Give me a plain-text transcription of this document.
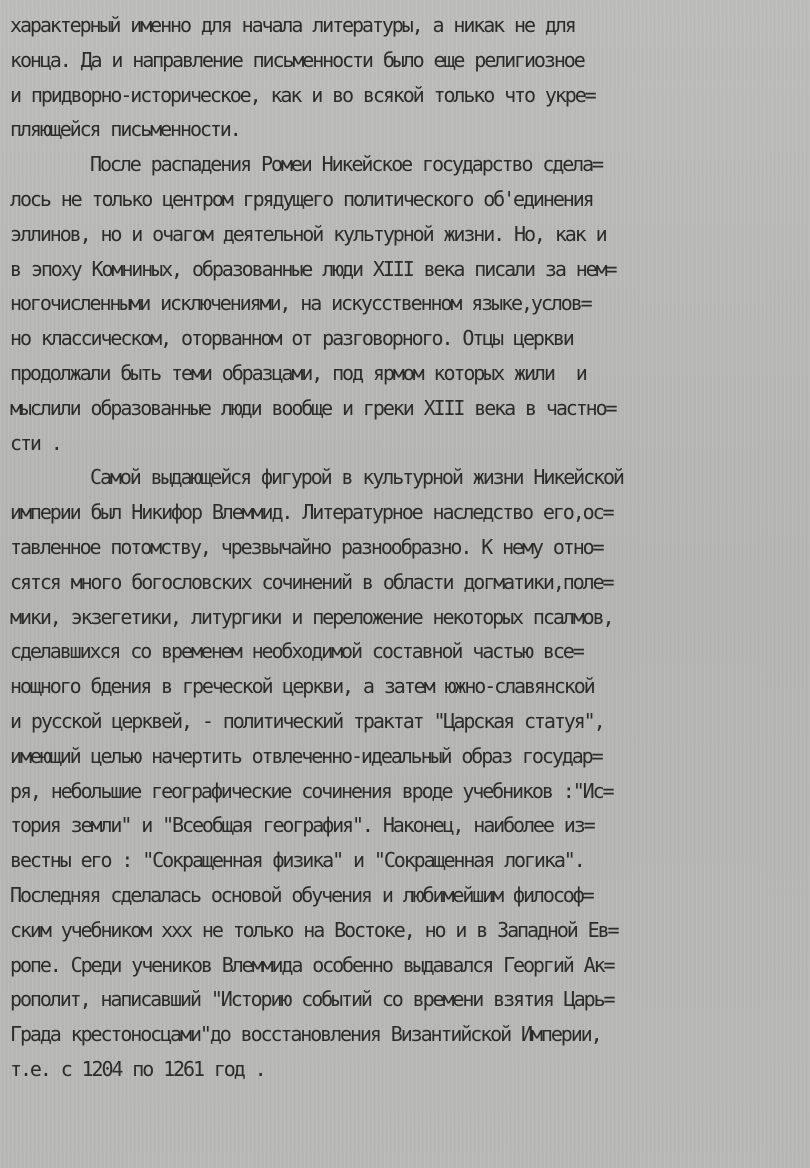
характерный именно для начала литературы, а никак не для
конца. Да и направление письменности было еще религиозное
и придворно-историческое, как и во всякой только что укре=
пляющейся письменности.
После распадения Ромеи Никейское государство сдела=
лось не только центром грядущего политического об'единения
эллинов, но и очагом деятельной культурной жизни. Но, как и
в эпоху Комниных, образованные люди XIII века писали за нем=
ногочисленными исключениями, на искусственном языке,услов=
но классическом, оторванном от разговорного. Отцы церкви
продолжали быть теми образцами, под ярмом которых жили  и
мыслили образованные люди вообще и греки XIII века в частно=
сти .
Самой выдающейся фигурой в культурной жизни Никейской
империи был Никифор Влеммид. Литературное наследство его,ос=
тавленное потомству, чрезвычайно разнообразно. К нему отно=
сятся много богословских сочинений в области догматики,поле=
мики, экзегетики, литургики и переложение некоторых псалмов,
сделавшихся со временем необходимой составной частью все=
нощного бдения в греческой церкви, а затем южно-славянской
и русской церквей, - политический трактат "Царская статуя",
имеющий целью начертить отвлеченно-идеальный образ государ=
ря, небольшие географические сочинения вроде учебников :"Ис=
тория земли" и "Всеобщая география". Наконец, наиболее из=
вестны его : "Сокращенная физика" и "Сокращенная логика".
Последняя сделалась основой обучения и любимейшим философ=
ским учебником xxx не только на Востоке, но и в Западной Ев=
ропе. Среди учеников Влеммида особенно выдавался Георгий Ак=
рополит, написавший "Историю событий со времени взятия Царь=
Града крестоносцами"до восстановления Византийской Империи,
т.е. с 1204 по 1261 год .
